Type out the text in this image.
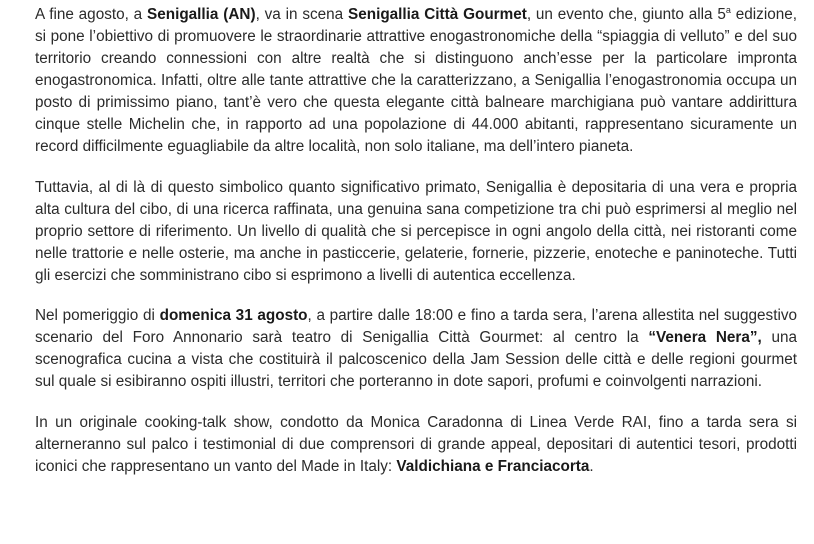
A fine agosto, a Senigallia (AN), va in scena Senigallia Città Gourmet, un evento che, giunto alla 5$^a$ edizione, si pone l’obiettivo di promuovere le straordinarie attrattive enogastronomiche della “spiaggia di velluto” e del suo territorio creando connessioni con altre realtà che si distinguono anch’esse per la particolare impronta enogastronomica. Infatti, oltre alle tante attrattive che la caratterizzano, a Senigallia l’enogastronomia occupa un posto di primissimo piano, tant’è vero che questa elegante città balneare marchigiana può vantare addirittura cinque stelle Michelin che, in rapporto ad una popolazione di 44.000 abitanti, rappresentano sicuramente un record difficilmente eguagliabile da altre località, non solo italiane, ma dell’intero pianeta.

Tuttavia, al di là di questo simbolico quanto significativo primato, Senigallia è depositaria di una vera e propria alta cultura del cibo, di una ricerca raffinata, una genuina sana competizione tra chi può esprimersi al meglio nel proprio settore di riferimento. Un livello di qualità che si percepisce in ogni angolo della città, nei ristoranti come nelle trattorie e nelle osterie, ma anche in pasticcerie, gelaterie, fornerie, pizzerie, enoteche e paninoteche. Tutti gli esercizi che somministrano cibo si esprimono a livelli di autentica eccellenza.

Nel pomeriggio di domenica 31 agosto, a partire dalle 18:00 e fino a tarda sera, l’arena allestita nel suggestivo scenario del Foro Annonario sarà teatro di Senigallia Città Gourmet: al centro la “Venera Nera”, una scenografica cucina a vista che costituirà il palcoscenico della Jam Session delle città e delle regioni gourmet sul quale si esibiranno ospiti illustri, territori che porteranno in dote sapori, profumi e coinvolgenti narrazioni.

In un originale cooking-talk show, condotto da Monica Caradonna di Linea Verde RAI, fino a tarda sera si alterneranno sul palco i testimonial di due comprensori di grande appeal, depositari di autentici tesori, prodotti iconici che rappresentano un vanto del Made in Italy: Valdichiana e Franciacorta.
